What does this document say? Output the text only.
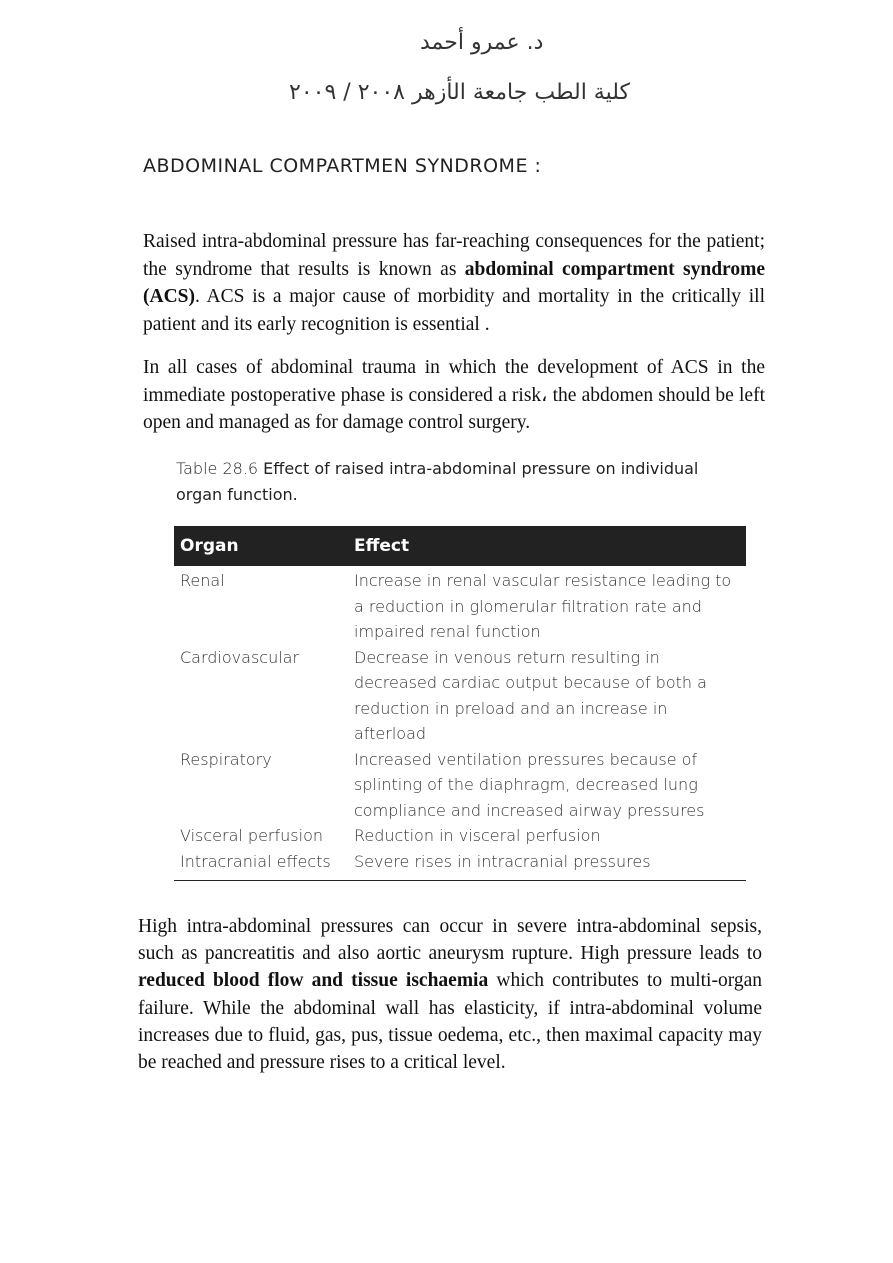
د. عمرو أحمد
كلية الطب جامعة الأزهر ٢٠٠٨ / ٢٠٠٩
ABDOMINAL COMPARTMEN SYNDROME :

Raised intra-abdominal pressure has far-reaching consequences for the patient; the syndrome that results is known as abdominal compartment syndrome (ACS). ACS is a major cause of morbidity and mortality in the critically ill patient and its early recognition is essential .

In all cases of abdominal trauma in which the development of ACS in the immediate postoperative phase is considered a risk، the abdomen should be left open and managed as for damage control surgery.

Table 28.6 Effect of raised intra-abdominal pressure on individual organ function.

Organ	Effect
Renal	Increase in renal vascular resistance leading to a reduction in glomerular filtration rate and impaired renal function
Cardiovascular	Decrease in venous return resulting in decreased cardiac output because of both a reduction in preload and an increase in afterload
Respiratory	Increased ventilation pressures because of splinting of the diaphragm, decreased lung compliance and increased airway pressures
Visceral perfusion	Reduction in visceral perfusion
Intracranial effects	Severe rises in intracranial pressures

High intra-abdominal pressures can occur in severe intra-abdominal sepsis, such as pancreatitis and also aortic aneurysm rupture. High pressure leads to reduced blood flow and tissue ischaemia which contributes to multi-organ failure. While the abdominal wall has elasticity, if intra-abdominal volume increases due to fluid, gas, pus, tissue oedema, etc., then maximal capacity may be reached and pressure rises to a critical level.
